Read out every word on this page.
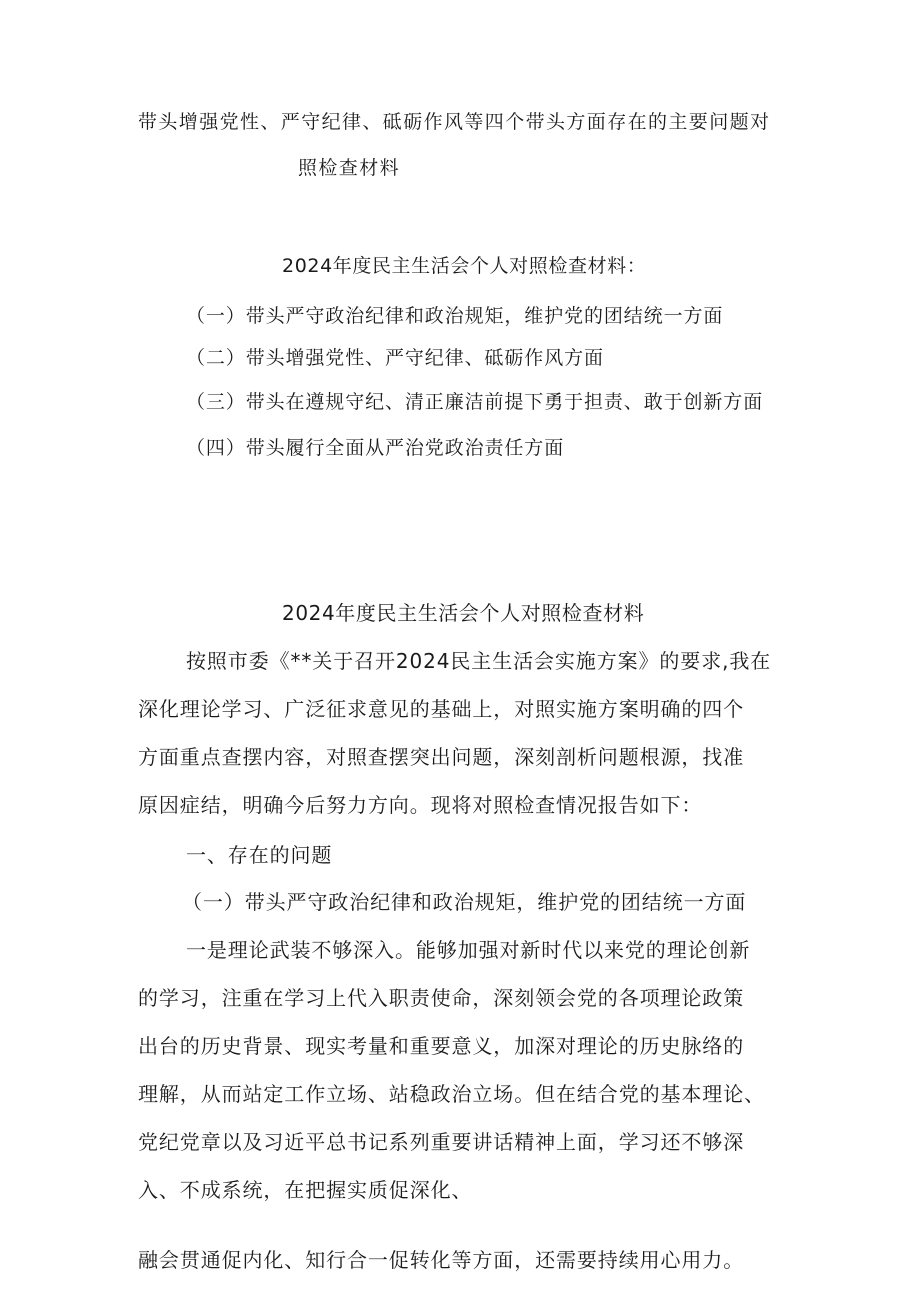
带头增强党性、严守纪律、砥砺作风等四个带头方面存在的主要问题对
照检查材料
2024年度民主生活会个人对照检查材料：
（一）带头严守政治纪律和政治规矩，维护党的团结统一方面
（二）带头增强党性、严守纪律、砥砺作风方面
（三）带头在遵规守纪、清正廉洁前提下勇于担责、敢于创新方面
（四）带头履行全面从严治党政治责任方面
2024年度民主生活会个人对照检查材料
按照市委《**关于召开2024民主生活会实施方案》的要求,我在
深化理论学习、广泛征求意见的基础上，对照实施方案明确的四个
方面重点查摆内容，对照查摆突出问题，深刻剖析问题根源，找准
原因症结，明确今后努力方向。现将对照检查情况报告如下：
一、存在的问题
（一）带头严守政治纪律和政治规矩，维护党的团结统一方面
一是理论武装不够深入。能够加强对新时代以来党的理论创新
的学习，注重在学习上代入职责使命，深刻领会党的各项理论政策
出台的历史背景、现实考量和重要意义，加深对理论的历史脉络的
理解，从而站定工作立场、站稳政治立场。但在结合党的基本理论、
党纪党章以及习近平总书记系列重要讲话精神上面，学习还不够深
入、不成系统，在把握实质促深化、
融会贯通促内化、知行合一促转化等方面，还需要持续用心用力。
